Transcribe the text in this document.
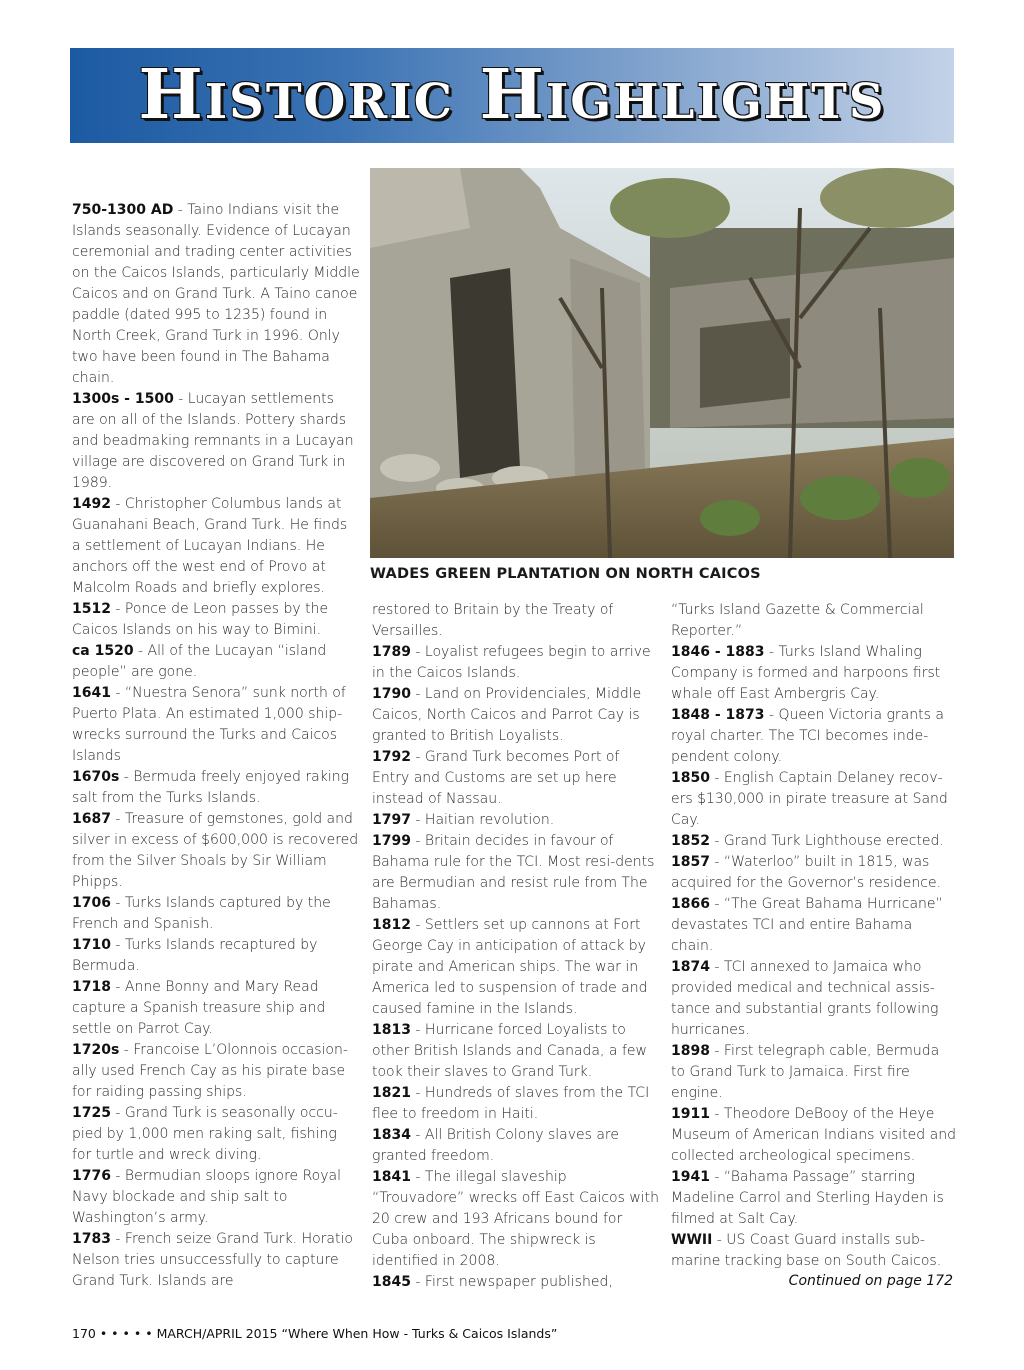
Historic Highlights

750-1300 AD - Taino Indians visit the Islands seasonally. Evidence of Lucayan ceremonial and trading center activities on the Caicos Islands, particularly Middle Caicos and on Grand Turk. A Taino canoe paddle (dated 995 to 1235) found in North Creek, Grand Turk in 1996. Only two have been found in The Bahama chain.

1300s - 1500 - Lucayan settlements are on all of the Islands. Pottery shards and beadmaking remnants in a Lucayan village are discovered on Grand Turk in 1989.

1492 - Christopher Columbus lands at Guanahani Beach, Grand Turk. He finds a settlement of Lucayan Indians. He anchors off the west end of Provo at Malcolm Roads and briefly explores.

1512 - Ponce de Leon passes by the Caicos Islands on his way to Bimini.

ca 1520 - All of the Lucayan “island people” are gone.

1641 - “Nuestra Senora” sunk north of Puerto Plata. An estimated 1,000 ship-wrecks surround the Turks and Caicos Islands

1670s - Bermuda freely enjoyed raking salt from the Turks Islands.

1687 - Treasure of gemstones, gold and silver in excess of $600,000 is recovered from the Silver Shoals by Sir William Phipps.

1706 - Turks Islands captured by the French and Spanish.

1710 - Turks Islands recaptured by Bermuda.

1718 - Anne Bonny and Mary Read capture a Spanish treasure ship and settle on Parrot Cay.

1720s - Francoise L’Olonnois occasion-ally used French Cay as his pirate base for raiding passing ships.

1725 - Grand Turk is seasonally occu-pied by 1,000 men raking salt, fishing for turtle and wreck diving.

1776 - Bermudian sloops ignore Royal Navy blockade and ship salt to Washington’s army.

1783 - French seize Grand Turk. Horatio Nelson tries unsuccessfully to capture Grand Turk. Islands are

WADES GREEN PLANTATION ON NORTH CAICOS

restored to Britain by the Treaty of Versailles.

1789 - Loyalist refugees begin to arrive in the Caicos Islands.

1790 - Land on Providenciales, Middle Caicos, North Caicos and Parrot Cay is granted to British Loyalists.

1792 - Grand Turk becomes Port of Entry and Customs are set up here instead of Nassau.

1797 - Haitian revolution.

1799 - Britain decides in favour of Bahama rule for the TCI. Most resi-dents are Bermudian and resist rule from The Bahamas.

1812 - Settlers set up cannons at Fort George Cay in anticipation of attack by pirate and American ships. The war in America led to suspension of trade and caused famine in the Islands.

1813 - Hurricane forced Loyalists to other British Islands and Canada, a few took their slaves to Grand Turk.

1821 - Hundreds of slaves from the TCI flee to freedom in Haiti.

1834 - All British Colony slaves are granted freedom.

1841 - The illegal slaveship “Trouvadore” wrecks off East Caicos with 20 crew and 193 Africans bound for Cuba onboard. The shipwreck is identified in 2008.

1845 - First newspaper published,

“Turks Island Gazette & Commercial Reporter.”

1846 - 1883 - Turks Island Whaling Company is formed and harpoons first whale off East Ambergris Cay.

1848 - 1873 - Queen Victoria grants a royal charter. The TCI becomes inde-pendent colony.

1850 - English Captain Delaney recov-ers $130,000 in pirate treasure at Sand Cay.

1852 - Grand Turk Lighthouse erected.

1857 - “Waterloo” built in 1815, was acquired for the Governor’s residence.

1866 - “The Great Bahama Hurricane” devastates TCI and entire Bahama chain.

1874 - TCI annexed to Jamaica who provided medical and technical assis-tance and substantial grants following hurricanes.

1898 - First telegraph cable, Bermuda to Grand Turk to Jamaica. First fire engine.

1911 - Theodore DeBooy of the Heye Museum of American Indians visited and collected archeological specimens.

1941 - “Bahama Passage” starring Madeline Carrol and Sterling Hayden is filmed at Salt Cay.

WWII - US Coast Guard installs sub-marine tracking base on South Caicos.

Continued on page 172
170 • • • • • MARCH/APRIL 2015 “Where When How - Turks & Caicos Islands”
